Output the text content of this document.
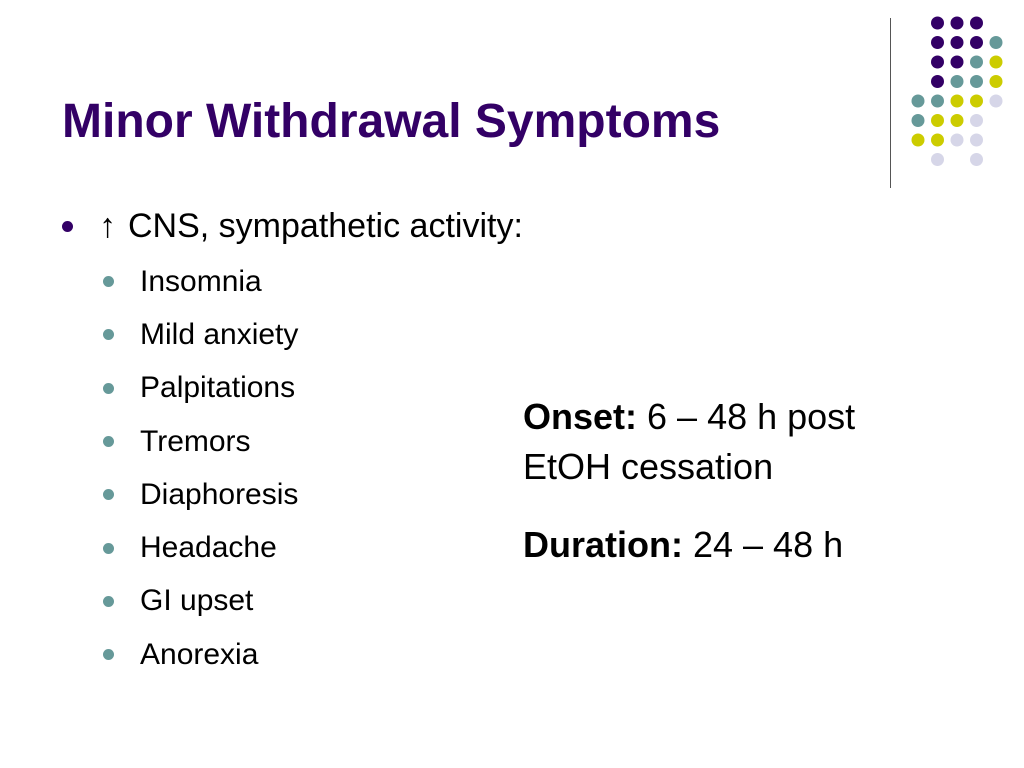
Minor Withdrawal Symptoms
↑ CNS, sympathetic activity:
Insomnia
Mild anxiety
Palpitations
Tremors
Diaphoresis
Headache
GI upset
Anorexia

Onset: 6 – 48 h post
EtOH cessation

Duration: 24 – 48 h
